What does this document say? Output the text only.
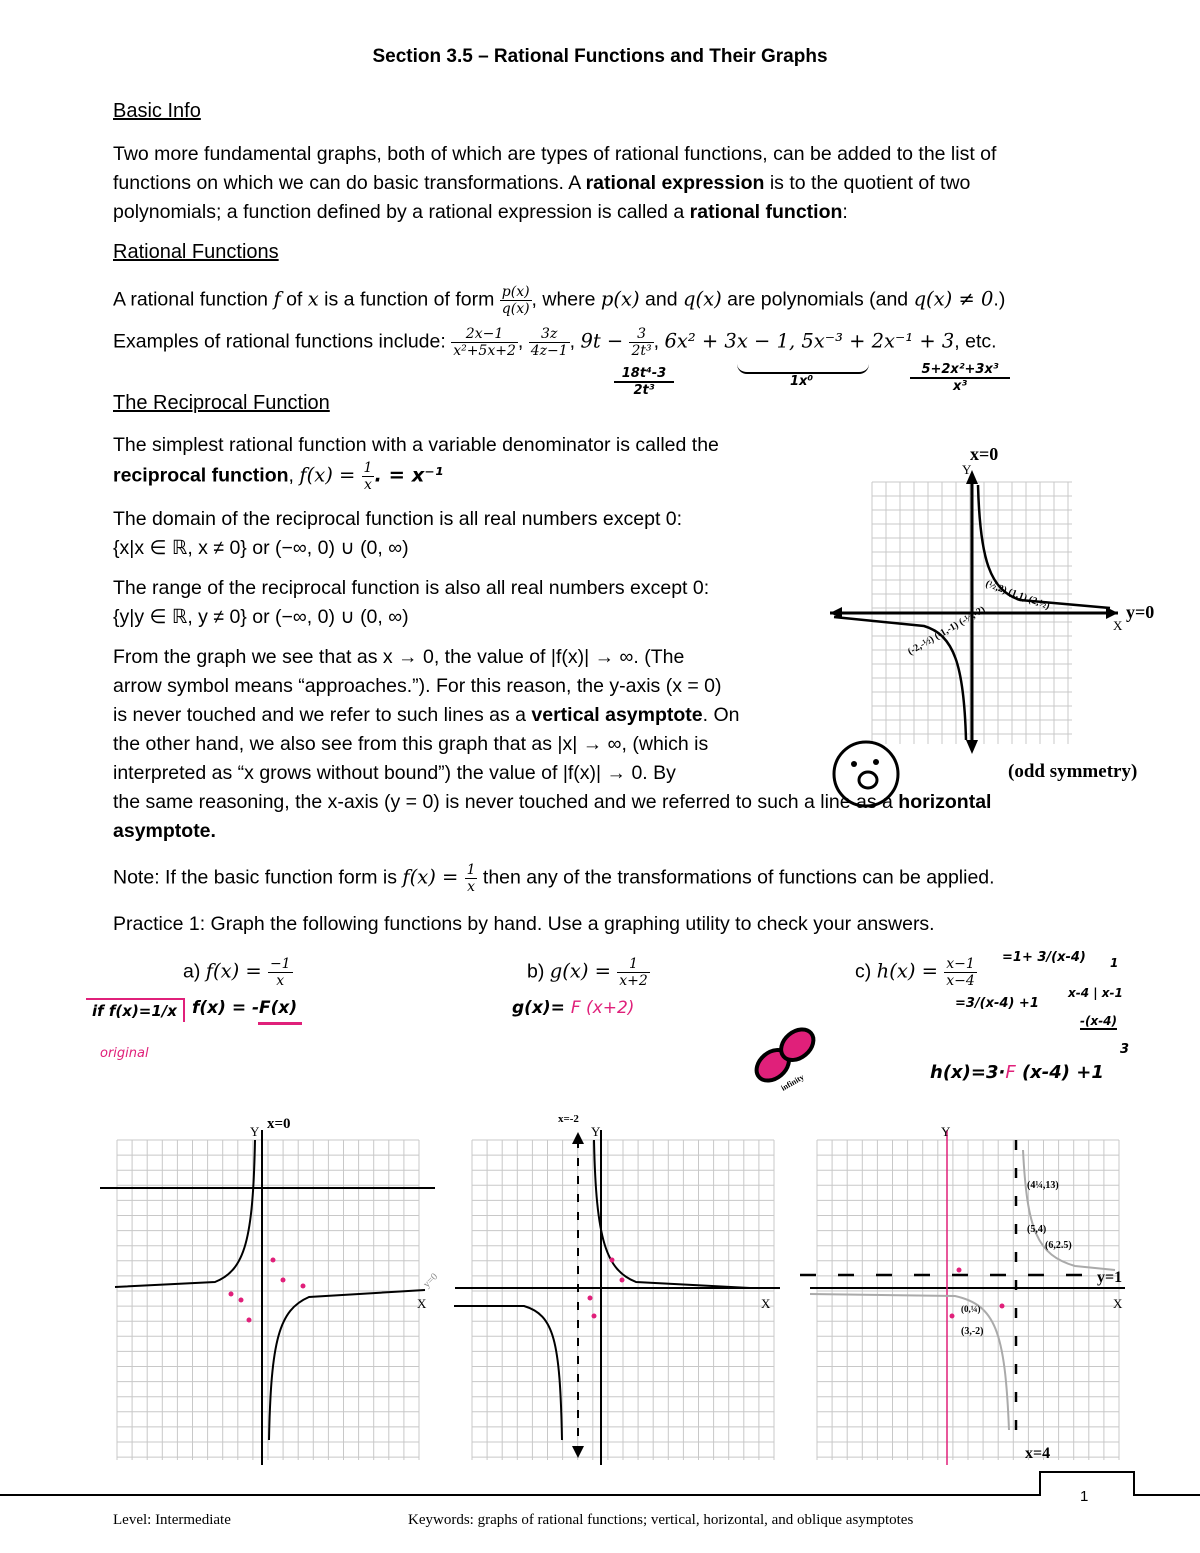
Section 3.5 – Rational Functions and Their Graphs
Basic Info
Two more fundamental graphs, both of which are types of rational functions, can be added to the list of
functions on which we can do basic transformations. A rational expression is to the quotient of two
polynomials; a function defined by a rational expression is called a rational function:
Rational Functions
A rational function f of x is a function of form $\frac{p(x)}{q(x)}$ , where p(x) and q(x) are polynomials (and q(x) ≠ 0.)
Examples of rational functions include: $\frac{2x-1}{\text{x²+5x+2}}$ , $\frac{3z}{4z-1}$ , $9t - \frac{3}{\text{2t³}}$ , 6x² + 3x − 1, 5x⁻³ + 2x⁻¹ + 3, etc.
18t⁴-3
2t³
1x⁰
5+2x²+3x³
x³
The Reciprocal Function
The simplest rational function with a variable denominator is called the
reciprocal function, $f(x) = \frac{1}{x}$ . = x⁻¹
The domain of the reciprocal function is all real numbers except 0:
{x|x ∈ ℝ, x ≠ 0} or (−∞, 0) ∪ (0, ∞)
The range of the reciprocal function is also all real numbers except 0:
{y|y ∈ ℝ, y ≠ 0} or (−∞, 0) ∪ (0, ∞)
From the graph we see that as x → 0, the value of |f(x)| → ∞. (The
arrow symbol means “approaches.”). For this reason, the y-axis (x = 0)
is never touched and we refer to such lines as a vertical asymptote. On
the other hand, we also see from this graph that as |x| → ∞, (which is
interpreted as “x grows without bound”) the value of |f(x)| → 0. By
the same reasoning, the x-axis (y = 0) is never touched and we referred to such a line as a horizontal
asymptote.
Y
X
x=0
y=0
(½,2) (1,1) (2,½)
(-2,-½) (-1,-1) (-½,-2)
(odd symmetry)
Note: If the basic function form is $f(x) = \frac{1}{x}$ then any of the transformations of functions can be applied.
Practice 1: Graph the following functions by hand. Use a graphing utility to check your answers.
a) $f(x) = \frac{-1}{x}$	b) $g(x) = \frac{1}{x+2}$	c) $h(x) = \frac{x-1}{x-4}$
if f(x)=1/x f(x) = -F(x)
original
g(x)= F (x+2)
=1+ 3/(x-4)
=3/(x-4) +1
h(x)=3·F (x-4) +1
1
x-4 | x-1
-(x-4)
3
infinity
Y
X
x=0
y=0
Y
X
x=-2
Y
X
y=1
x=4
(4¼,13)
(5,4)
(6,2.5)
(3,-2)
(0,¼)
1
Level: Intermediate	Keywords: graphs of rational functions; vertical, horizontal, and oblique asymptotes
